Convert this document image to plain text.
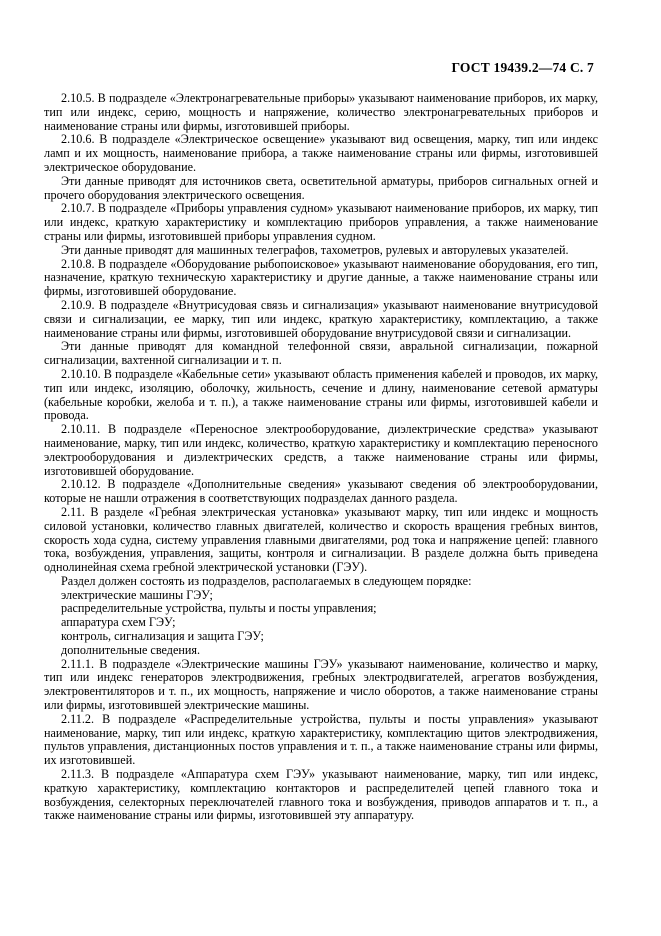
ГОСТ 19439.2—74 С. 7

2.10.5. В подразделе «Электронагревательные приборы» указывают наименование приборов, их марку, тип или индекс, серию, мощность и напряжение, количество электронагревательных приборов и наименование страны или фирмы, изготовившей приборы.

2.10.6. В подразделе «Электрическое освещение» указывают вид освещения, марку, тип или индекс ламп и их мощность, наименование прибора, а также наименование страны или фирмы, изготовившей электрическое оборудование.

Эти данные приводят для источников света, осветительной арматуры, приборов сигнальных огней и прочего оборудования электрического освещения.

2.10.7. В подразделе «Приборы управления судном» указывают наименование приборов, их марку, тип или индекс, краткую характеристику и комплектацию приборов управления, а также наименование страны или фирмы, изготовившей приборы управления судном.

Эти данные приводят для машинных телеграфов, тахометров, рулевых и авторулевых указателей.

2.10.8. В подразделе «Оборудование рыбопоисковое» указывают наименование оборудования, его тип, назначение, краткую техническую характеристику и другие данные, а также наименование страны или фирмы, изготовившей оборудование.

2.10.9. В подразделе «Внутрисудовая связь и сигнализация» указывают наименование внутрисудовой связи и сигнализации, ее марку, тип или индекс, краткую характеристику, комплектацию, а также наименование страны или фирмы, изготовившей оборудование внутрисудовой связи и сигнализации.

Эти данные приводят для командной телефонной связи, авральной сигнализации, пожарной сигнализации, вахтенной сигнализации и т. п.

2.10.10. В подразделе «Кабельные сети» указывают область применения кабелей и проводов, их марку, тип или индекс, изоляцию, оболочку, жильность, сечение и длину, наименование сетевой арматуры (кабельные коробки, желоба и т. п.), а также наименование страны или фирмы, изготовившей кабели и провода.

2.10.11. В подразделе «Переносное электрооборудование, диэлектрические средства» указывают наименование, марку, тип или индекс, количество, краткую характеристику и комплектацию переносного электрооборудования и диэлектрических средств, а также наименование страны или фирмы, изготовившей оборудование.

2.10.12. В подразделе «Дополнительные сведения» указывают сведения об электрооборудовании, которые не нашли отражения в соответствующих подразделах данного раздела.

2.11. В разделе «Гребная электрическая установка» указывают марку, тип или индекс и мощность силовой установки, количество главных двигателей, количество и скорость вращения гребных винтов, скорость хода судна, систему управления главными двигателями, род тока и напряжение цепей: главного тока, возбуждения, управления, защиты, контроля и сигнализации. В разделе должна быть приведена однолинейная схема гребной электрической установки (ГЭУ).

Раздел должен состоять из подразделов, располагаемых в следующем порядке:

электрические машины ГЭУ;

распределительные устройства, пульты и посты управления;

аппаратура схем ГЭУ;

контроль, сигнализация и защита ГЭУ;

дополнительные сведения.

2.11.1. В подразделе «Электрические машины ГЭУ» указывают наименование, количество и марку, тип или индекс генераторов электродвижения, гребных электродвигателей, агрегатов возбуждения, электровентиляторов и т. п., их мощность, напряжение и число оборотов, а также наименование страны или фирмы, изготовившей электрические машины.

2.11.2. В подразделе «Распределительные устройства, пульты и посты управления» указывают наименование, марку, тип или индекс, краткую характеристику, комплектацию щитов электродвижения, пультов управления, дистанционных постов управления и т. п., а также наименование страны или фирмы, их изготовившей.

2.11.3. В подразделе «Аппаратура схем ГЭУ» указывают наименование, марку, тип или индекс, краткую характеристику, комплектацию контакторов и распределителей цепей главного тока и возбуждения, селекторных переключателей главного тока и возбуждения, приводов аппаратов и т. п., а также наименование страны или фирмы, изготовившей эту аппаратуру.
